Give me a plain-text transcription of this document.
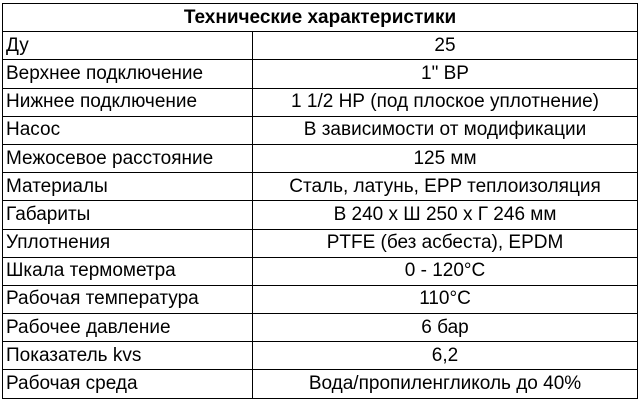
Технические характеристики	
Ду	25
Верхнее подключение	1" ВР
Нижнее подключение	1 1/2 НР (под плоское уплотнение)
Насос	В зависимости от модификации
Межосевое расстояние	125 мм
Материалы	Сталь, латунь, EPP теплоизоляция
Габариты	В 240 х Ш 250 х Г 246 мм
Уплотнения	PTFE (без асбеста), EPDM
Шкала термометра	0 - 120°С
Рабочая температура	110°С
Рабочее давление	6 бар
Показатель kvs	6,2
Рабочая среда	Вода/пропиленгликоль до 40%
